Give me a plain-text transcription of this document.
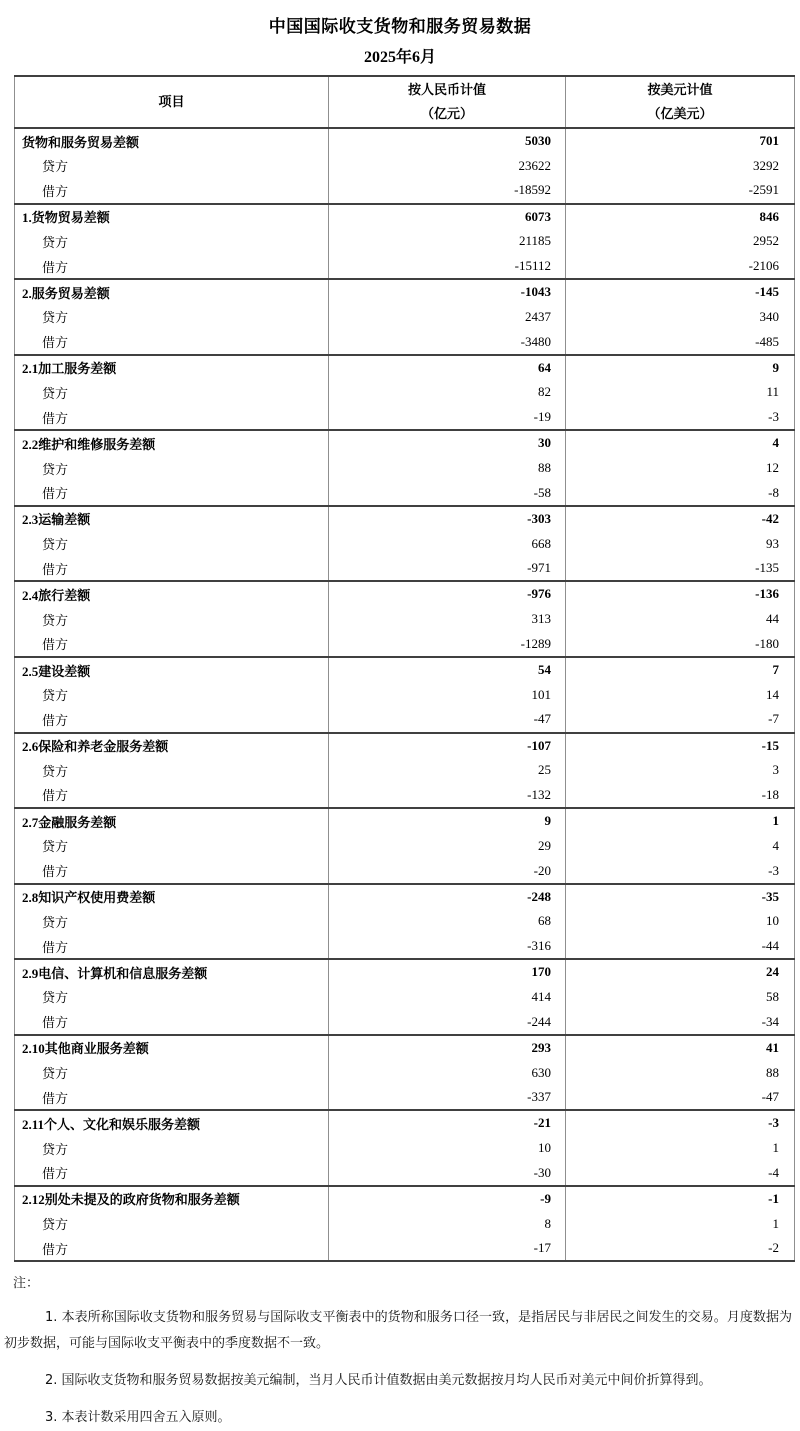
中国国际收支货物和服务贸易数据
2025年6月
项目

按人民币计值
（亿元）

按美元计值
（亿美元）

货物和服务贸易差额	5030	701
贷方	23622	3292
借方	-18592	-2591
1.货物贸易差额	6073	846
贷方	21185	2952
借方	-15112	-2106
2.服务贸易差额	-1043	-145
贷方	2437	340
借方	-3480	-485
2.1加工服务差额	64	9
贷方	82	11
借方	-19	-3
2.2维护和维修服务差额	30	4
贷方	88	12
借方	-58	-8
2.3运输差额	-303	-42
贷方	668	93
借方	-971	-135
2.4旅行差额	-976	-136
贷方	313	44
借方	-1289	-180
2.5建设差额	54	7
贷方	101	14
借方	-47	-7
2.6保险和养老金服务差额	-107	-15
贷方	25	3
借方	-132	-18
2.7金融服务差额	9	1
贷方	29	4
借方	-20	-3
2.8知识产权使用费差额	-248	-35
贷方	68	10
借方	-316	-44
2.9电信、计算机和信息服务差额	170	24
贷方	414	58
借方	-244	-34
2.10其他商业服务差额	293	41
贷方	630	88
借方	-337	-47
2.11个人、文化和娱乐服务差额	-21	-3
贷方	10	1
借方	-30	-4
2.12别处未提及的政府货物和服务差额	-9	-1
贷方	8	1
借方	-17	-2
注：
1. 本表所称国际收支货物和服务贸易与国际收支平衡表中的货物和服务口径一致，是指居民与非居民之间发生的交易。月度数据为初步数据，可能与国际收支平衡表中的季度数据不一致。
2. 国际收支货物和服务贸易数据按美元编制，当月人民币计值数据由美元数据按月均人民币对美元中间价折算得到。
3. 本表计数采用四舍五入原则。
